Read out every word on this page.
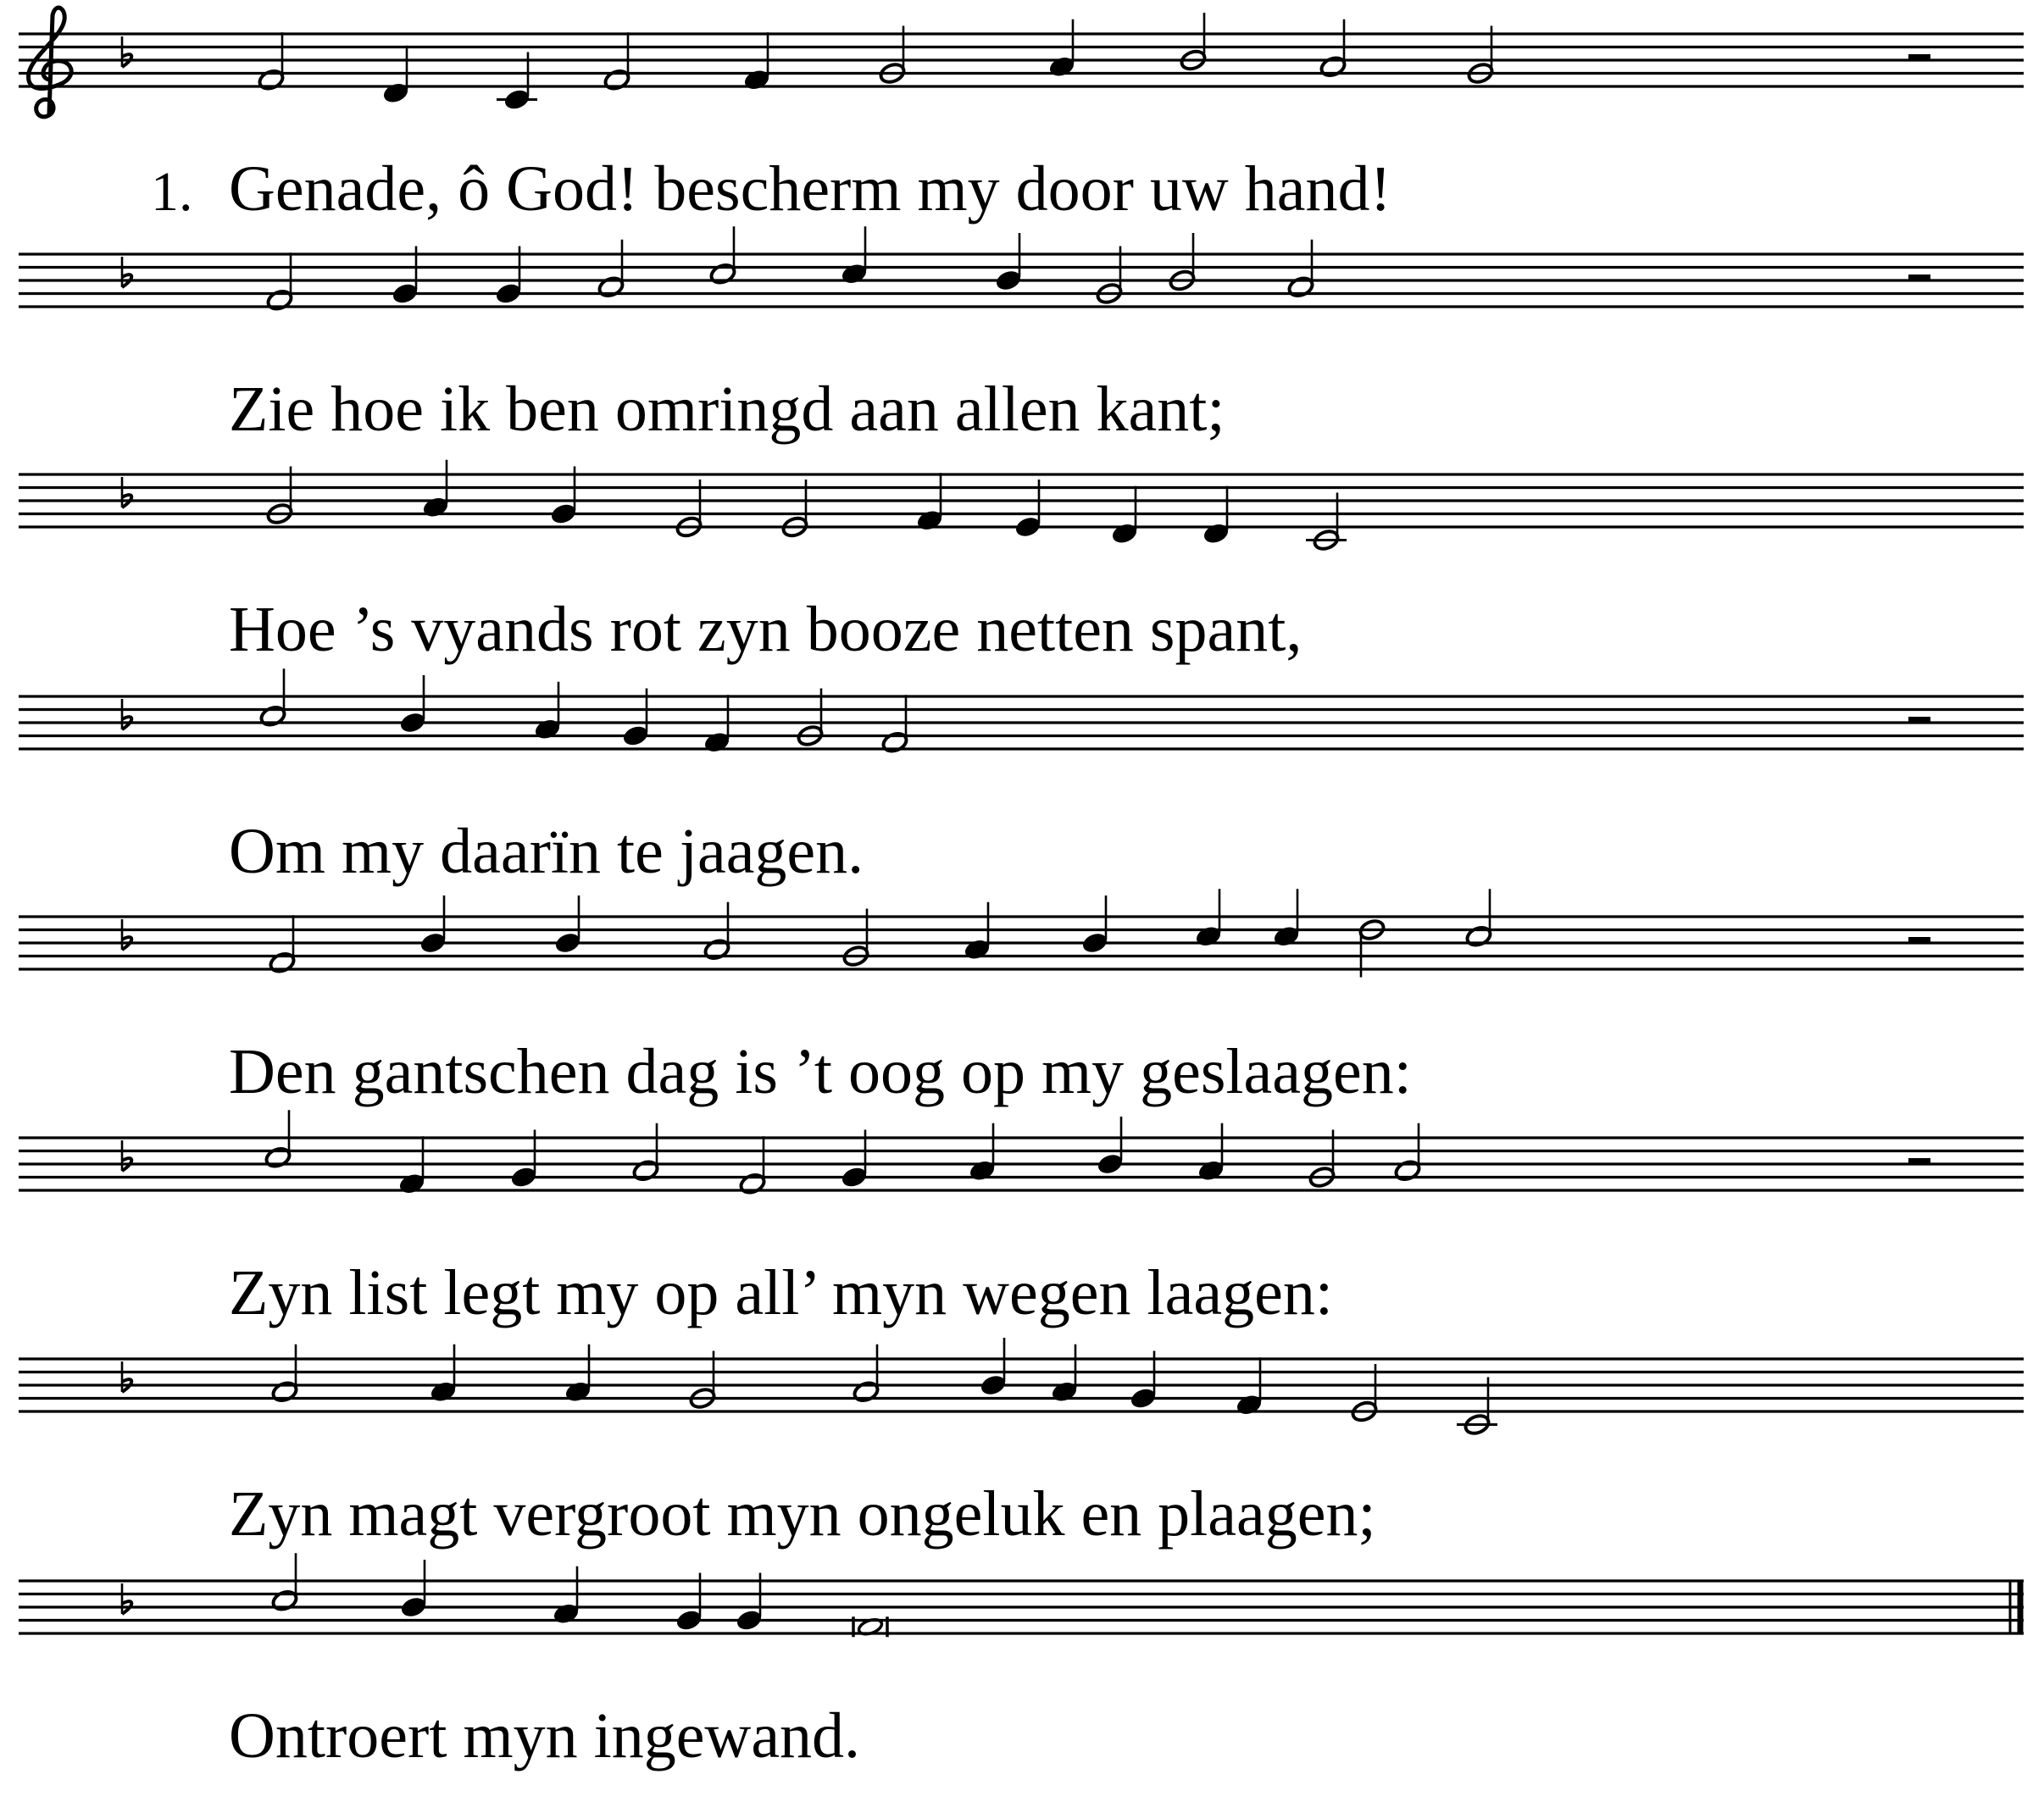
1. Genade, ô God! bescherm my door uw hand!
Zie hoe ik ben omringd aan allen kant;
Hoe ’s vyands rot zyn booze netten spant,
Om my daarïn te jaagen.
Den gantschen dag is ’t oog op my geslaagen:
Zyn list legt my op all’ myn wegen laagen:
Zyn magt vergroot myn ongeluk en plaagen;
Ontroert myn ingewand.
